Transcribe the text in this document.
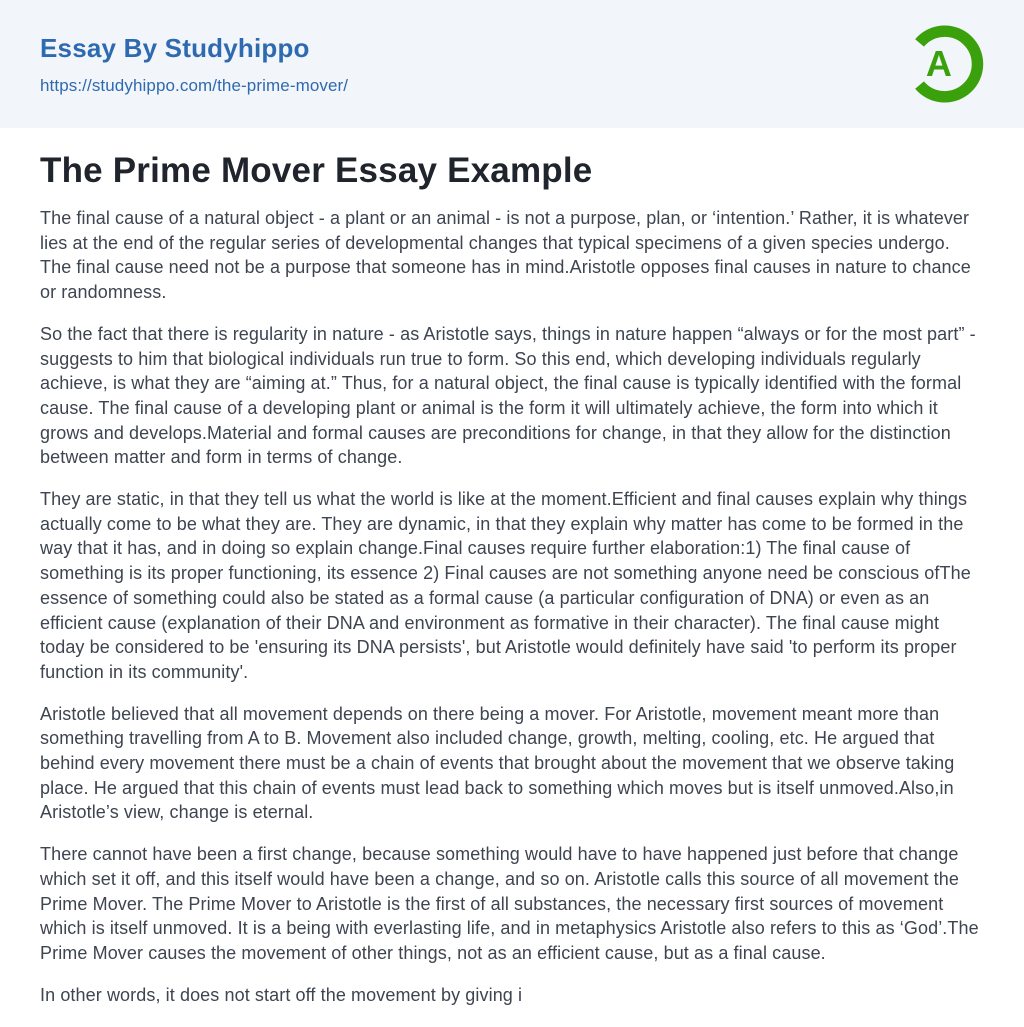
Essay By Studyhippo
https://studyhippo.com/the-prime-mover/
A
The Prime Mover Essay Example

The final cause of a natural object - a plant or an animal - is not a purpose, plan, or ‘intention.’ Rather, it is whatever lies at the end of the regular series of developmental changes that typical specimens of a given species undergo. The final cause need not be a purpose that someone has in mind.Aristotle opposes final causes in nature to chance or randomness.

So the fact that there is regularity in nature - as Aristotle says, things in nature happen “always or for the most part” - suggests to him that biological individuals run true to form. So this end, which developing individuals regularly achieve, is what they are “aiming at.” Thus, for a natural object, the final cause is typically identified with the formal cause. The final cause of a developing plant or animal is the form it will ultimately achieve, the form into which it grows and develops.Material and formal causes are preconditions for change, in that they allow for the distinction between matter and form in terms of change.

They are static, in that they tell us what the world is like at the moment.Efficient and final causes explain why things actually come to be what they are. They are dynamic, in that they explain why matter has come to be formed in the way that it has, and in doing so explain change.Final causes require further elaboration:1) The final cause of something is its proper functioning, its essence 2) Final causes are not something anyone need be conscious ofThe essence of something could also be stated as a formal cause (a particular configuration of DNA) or even as an efficient cause (explanation of their DNA and environment as formative in their character). The final cause might today be considered to be 'ensuring its DNA persists', but Aristotle would definitely have said 'to perform its proper function in its community'.

Aristotle believed that all movement depends on there being a mover. For Aristotle, movement meant more than something travelling from A to B. Movement also included change, growth, melting, cooling, etc. He argued that behind every movement there must be a chain of events that brought about the movement that we observe taking place. He argued that this chain of events must lead back to something which moves but is itself unmoved.Also,in Aristotle’s view, change is eternal.

There cannot have been a first change, because something would have to have happened just before that change which set it off, and this itself would have been a change, and so on. Aristotle calls this source of all movement the Prime Mover. The Prime Mover to Aristotle is the first of all substances, the necessary first sources of movement which is itself unmoved. It is a being with everlasting life, and in metaphysics Aristotle also refers to this as ‘God’.The Prime Mover causes the movement of other things, not as an efficient cause, but as a final cause.

In other words, it does not start off the movement by giving i
